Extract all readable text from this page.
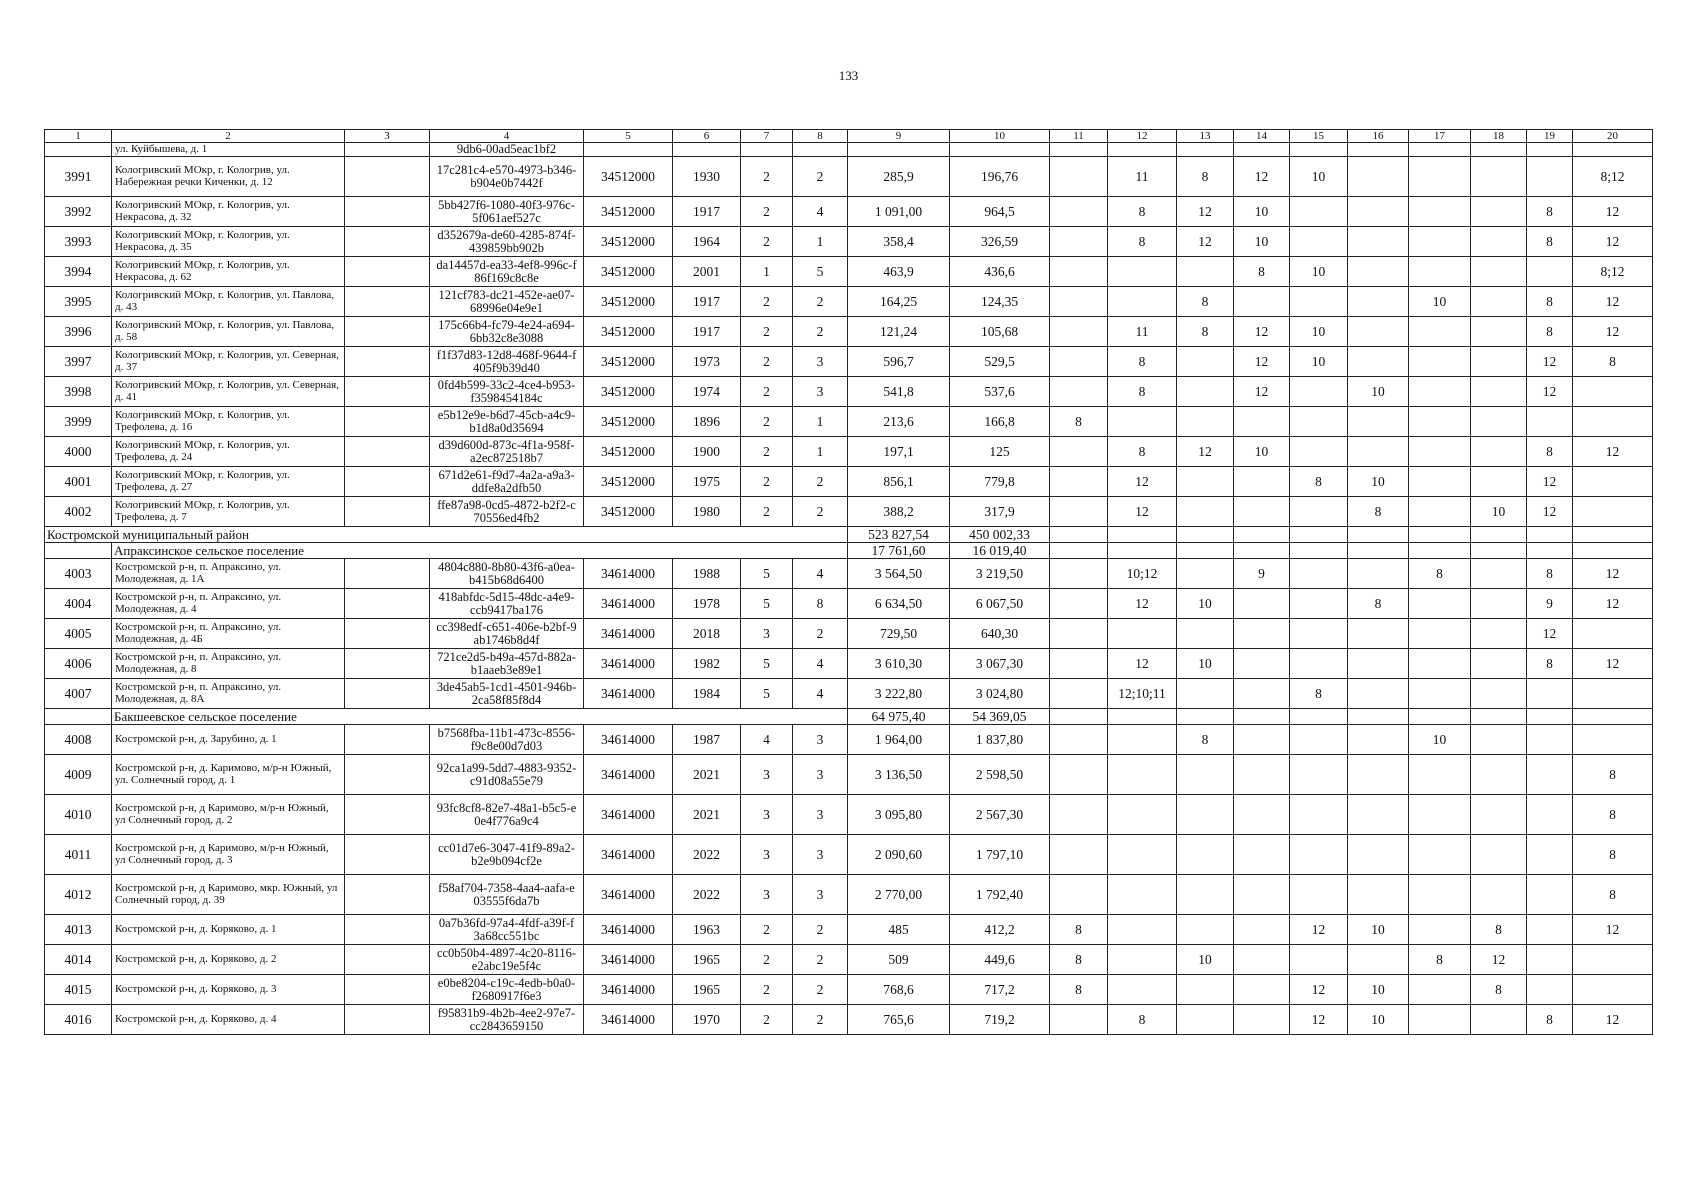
133
1	2	3	4	5	6	7	8	9	10	11	12	13	14	15	16	17	18	19	20
	ул. Куйбышева, д. 1		9db6-00ad5eac1bf2																
3991	Кологривский МОкр, г. Кологрив, ул. Набережная речки Киченки, д. 12		17c281c4-e570-4973-b346-b904e0b7442f	34512000	1930	2	2	285,9	196,76		11	8	12	10					8;12
3992	Кологривский МОкр, г. Кологрив, ул. Некрасова, д. 32		5bb427f6-1080-40f3-976c-5f061aef527c	34512000	1917	2	4	1 091,00	964,5		8	12	10					8	12
3993	Кологривский МОкр, г. Кологрив, ул. Некрасова, д. 35		d352679a-de60-4285-874f-439859bb902b	34512000	1964	2	1	358,4	326,59		8	12	10					8	12
3994	Кологривский МОкр, г. Кологрив, ул. Некрасова, д. 62		da14457d-ea33-4ef8-996c-f86f169c8c8e	34512000	2001	1	5	463,9	436,6				8	10					8;12
3995	Кологривский МОкр, г. Кологрив, ул. Павлова, д. 43		121cf783-dc21-452e-ae07-68996e04e9e1	34512000	1917	2	2	164,25	124,35			8				10		8	12
3996	Кологривский МОкр, г. Кологрив, ул. Павлова, д. 58		175c66b4-fc79-4e24-a694-6bb32c8e3088	34512000	1917	2	2	121,24	105,68		11	8	12	10				8	12
3997	Кологривский МОкр, г. Кологрив, ул. Северная, д. 37		f1f37d83-12d8-468f-9644-f405f9b39d40	34512000	1973	2	3	596,7	529,5		8		12	10				12	8
3998	Кологривский МОкр, г. Кологрив, ул. Северная, д. 41		0fd4b599-33c2-4ce4-b953-f3598454184c	34512000	1974	2	3	541,8	537,6		8		12		10			12	
3999	Кологривский МОкр, г. Кологрив, ул. Трефолева, д. 16		e5b12e9e-b6d7-45cb-a4c9-b1d8a0d35694	34512000	1896	2	1	213,6	166,8	8									
4000	Кологривский МОкр, г. Кологрив, ул. Трефолева, д. 24		d39d600d-873c-4f1a-958f-a2ec872518b7	34512000	1900	2	1	197,1	125		8	12	10					8	12
4001	Кологривский МОкр, г. Кологрив, ул. Трефолева, д. 27		671d2e61-f9d7-4a2a-a9a3-ddfe8a2dfb50	34512000	1975	2	2	856,1	779,8		12			8	10			12	
4002	Кологривский МОкр, г. Кологрив, ул. Трефолева, д. 7		ffe87a98-0cd5-4872-b2f2-c70556ed4fb2	34512000	1980	2	2	388,2	317,9		12				8		10	12	
Костромской муниципальный район								523 827,54	450 002,33										
	Апраксинское сельское поселение							17 761,60	16 019,40										
4003	Костромской р-н, п. Апраксино, ул. Молодежная, д. 1А		4804c880-8b80-43f6-a0ea-b415b68d6400	34614000	1988	5	4	3 564,50	3 219,50		10;12		9			8		8	12
4004	Костромской р-н, п. Апраксино, ул. Молодежная, д. 4		418abfdc-5d15-48dc-a4e9-ccb9417ba176	34614000	1978	5	8	6 634,50	6 067,50		12	10			8			9	12
4005	Костромской р-н, п. Апраксино, ул. Молодежная, д. 4Б		cc398edf-c651-406e-b2bf-9ab1746b8d4f	34614000	2018	3	2	729,50	640,30									12	
4006	Костромской р-н, п. Апраксино, ул. Молодежная, д. 8		721ce2d5-b49a-457d-882a-b1aaeb3e89e1	34614000	1982	5	4	3 610,30	3 067,30		12	10						8	12
4007	Костромской р-н, п. Апраксино, ул. Молодежная, д. 8А		3de45ab5-1cd1-4501-946b-2ca58f85f8d4	34614000	1984	5	4	3 222,80	3 024,80		12;10;11			8					
	Бакшеевское сельское поселение							64 975,40	54 369,05										
4008	Костромской р-н, д. Зарубино, д. 1		b7568fba-11b1-473c-8556-f9c8e00d7d03	34614000	1987	4	3	1 964,00	1 837,80			8				10			
4009	Костромской р-н, д. Каримово, м/р-н Южный, ул. Солнечный город, д. 1		92ca1a99-5dd7-4883-9352-c91d08a55e79	34614000	2021	3	3	3 136,50	2 598,50										8
4010	Костромской р-н, д Каримово, м/р-н Южный, ул Солнечный город, д. 2		93fc8cf8-82e7-48a1-b5c5-e0e4f776a9c4	34614000	2021	3	3	3 095,80	2 567,30										8
4011	Костромской р-н, д Каримово, м/р-н Южный, ул Солнечный город, д. 3		cc01d7e6-3047-41f9-89a2-b2e9b094cf2e	34614000	2022	3	3	2 090,60	1 797,10										8
4012	Костромской р-н, д Каримово, мкр. Южный, ул Солнечный город, д. 39		f58af704-7358-4aa4-aafa-e03555f6da7b	34614000	2022	3	3	2 770,00	1 792,40										8
4013	Костромской р-н, д. Коряково, д. 1		0a7b36fd-97a4-4fdf-a39f-f3a68cc551bc	34614000	1963	2	2	485	412,2	8				12	10		8		12
4014	Костромской р-н, д. Коряково, д. 2		cc0b50b4-4897-4c20-8116-e2abc19e5f4c	34614000	1965	2	2	509	449,6	8		10				8	12		
4015	Костромской р-н, д. Коряково, д. 3		e0be8204-c19c-4edb-b0a0-f2680917f6e3	34614000	1965	2	2	768,6	717,2	8				12	10		8		
4016	Костромской р-н, д. Коряково, д. 4		f95831b9-4b2b-4ee2-97e7-cc2843659150	34614000	1970	2	2	765,6	719,2		8			12	10			8	12
